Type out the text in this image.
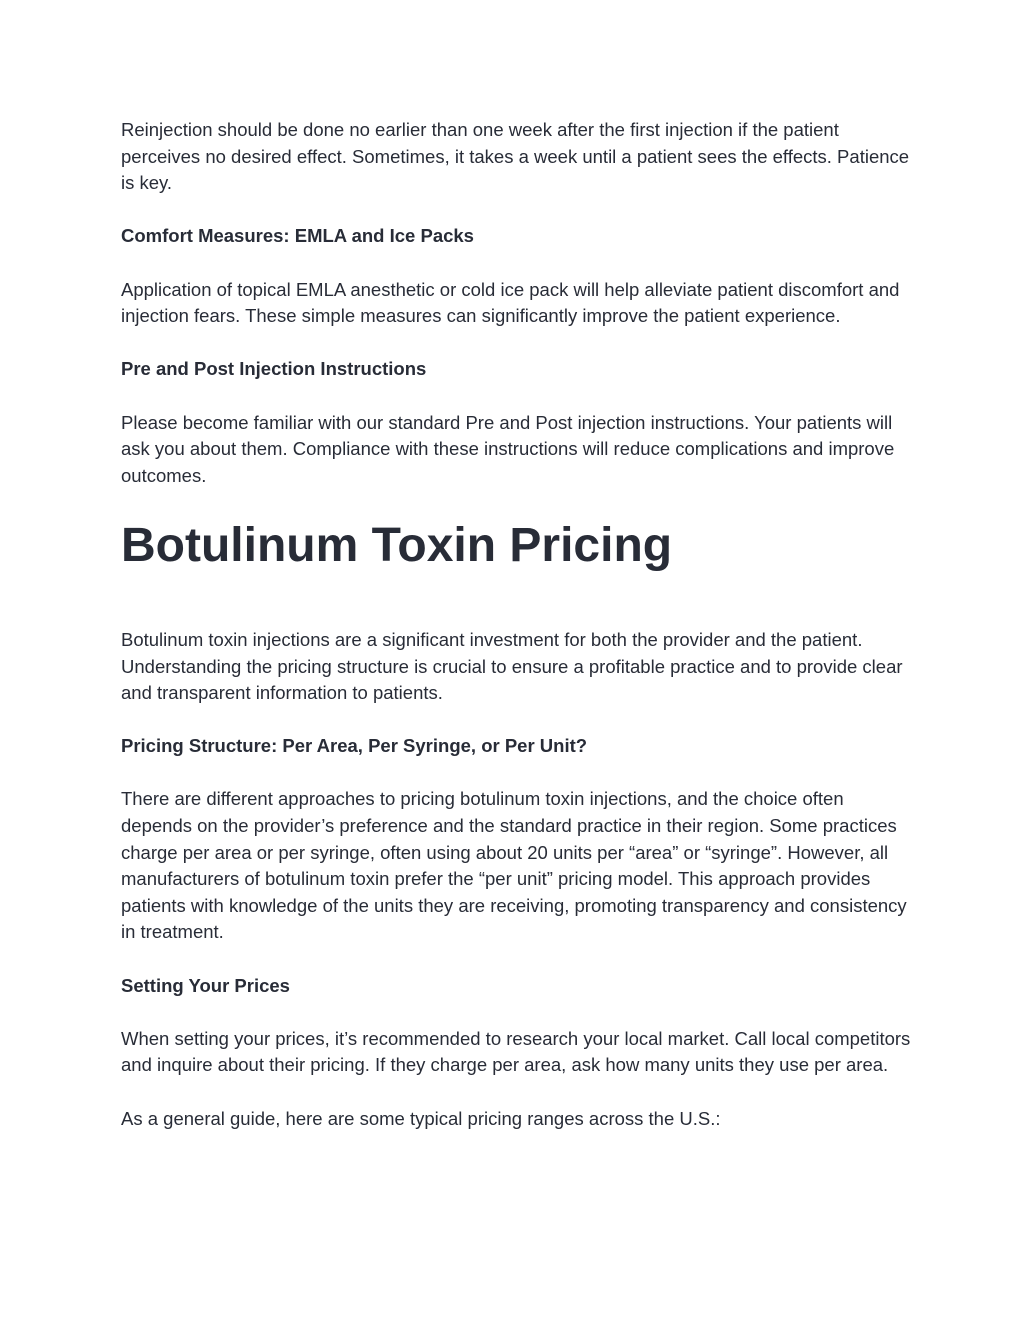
Reinjection should be done no earlier than one week after the first injection if the patient perceives no desired effect. Sometimes, it takes a week until a patient sees the effects. Patience is key.

Comfort Measures: EMLA and Ice Packs

Application of topical EMLA anesthetic or cold ice pack will help alleviate patient discomfort and injection fears. These simple measures can significantly improve the patient experience.

Pre and Post Injection Instructions

Please become familiar with our standard Pre and Post injection instructions. Your patients will ask you about them. Compliance with these instructions will reduce complications and improve outcomes.

Botulinum Toxin Pricing

Botulinum toxin injections are a significant investment for both the provider and the patient. Understanding the pricing structure is crucial to ensure a profitable practice and to provide clear and transparent information to patients.

Pricing Structure: Per Area, Per Syringe, or Per Unit?

There are different approaches to pricing botulinum toxin injections, and the choice often depends on the provider’s preference and the standard practice in their region. Some practices charge per area or per syringe, often using about 20 units per “area” or “syringe”. However, all manufacturers of botulinum toxin prefer the “per unit” pricing model. This approach provides patients with knowledge of the units they are receiving, promoting transparency and consistency in treatment.

Setting Your Prices

When setting your prices, it’s recommended to research your local market. Call local competitors and inquire about their pricing. If they charge per area, ask how many units they use per area.

As a general guide, here are some typical pricing ranges across the U.S.:
